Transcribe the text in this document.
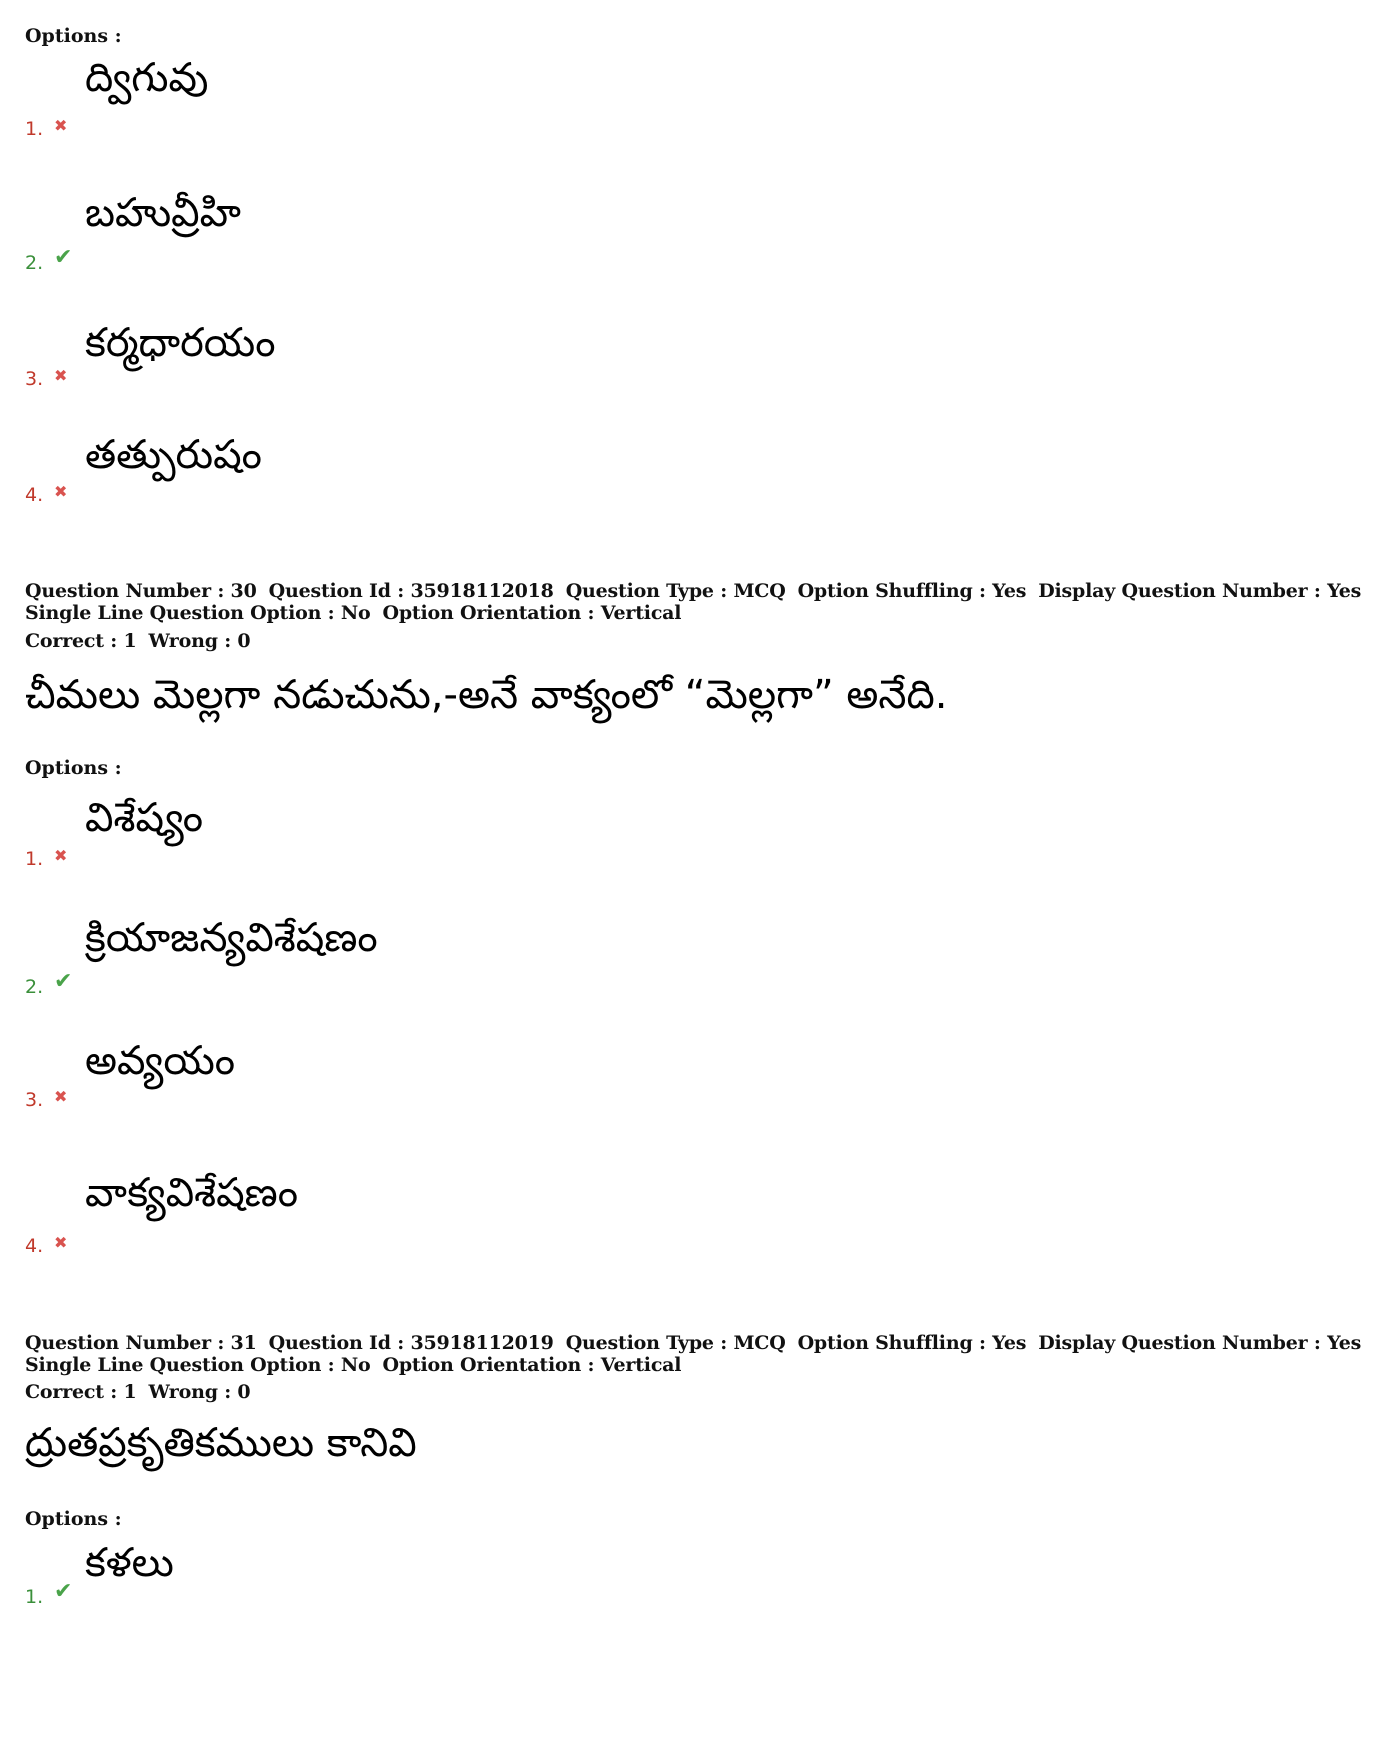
Options :
ద్విగువు
1. ✖
బహువ్రీహి
2. ✔
కర్మధారయం
3. ✖
తత్పురుషం
4. ✖
Question Number : 30 Question Id : 35918112018 Question Type : MCQ Option Shuffling : Yes Display Question Number : Yes
Single Line Question Option : No Option Orientation : Vertical
Correct : 1 Wrong : 0
చీమలు మెల్లగా నడుచును,-అనే వాక్యంలో “మెల్లగా” అనేది.
Options :
విశేష్యం
1. ✖
క్రియాజన్యవిశేషణం
2. ✔
అవ్యయం
3. ✖
వాక్యవిశేషణం
4. ✖
Question Number : 31 Question Id : 35918112019 Question Type : MCQ Option Shuffling : Yes Display Question Number : Yes
Single Line Question Option : No Option Orientation : Vertical
Correct : 1 Wrong : 0
ద్రుతప్రకృతికములు కానివి
Options :
కళలు
1. ✔
